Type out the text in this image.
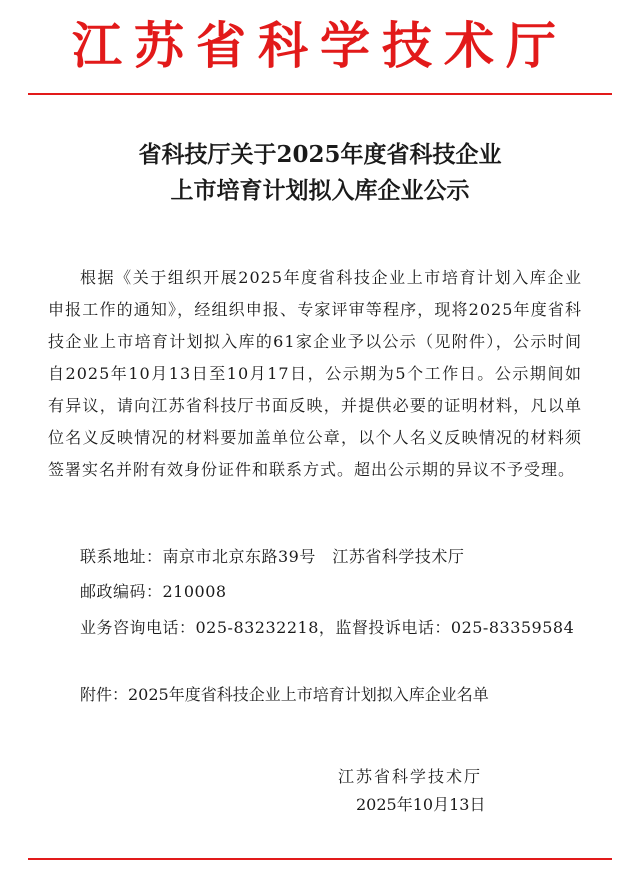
江苏省科学技术厅
省科技厅关于2025年度省科技企业
上市培育计划拟入库企业公示
根据《关于组织开展2025年度省科技企业上市培育计划入库企业申报工作的通知》，经组织申报、专家评审等程序，现将2025年度省科技企业上市培育计划拟入库的61家企业予以公示（见附件），公示时间自2025年10月13日至10月17日，公示期为5个工作日。公示期间如有异议，请向江苏省科技厅书面反映，并提供必要的证明材料，凡以单位名义反映情况的材料要加盖单位公章，以个人名义反映情况的材料须签署实名并附有效身份证件和联系方式。超出公示期的异议不予受理。
联系地址：南京市北京东路39号　江苏省科学技术厅
邮政编码：210008
业务咨询电话：025-83232218，监督投诉电话：025-83359584
附件：2025年度省科技企业上市培育计划拟入库企业名单
江苏省科学技术厅
2025年10月13日
